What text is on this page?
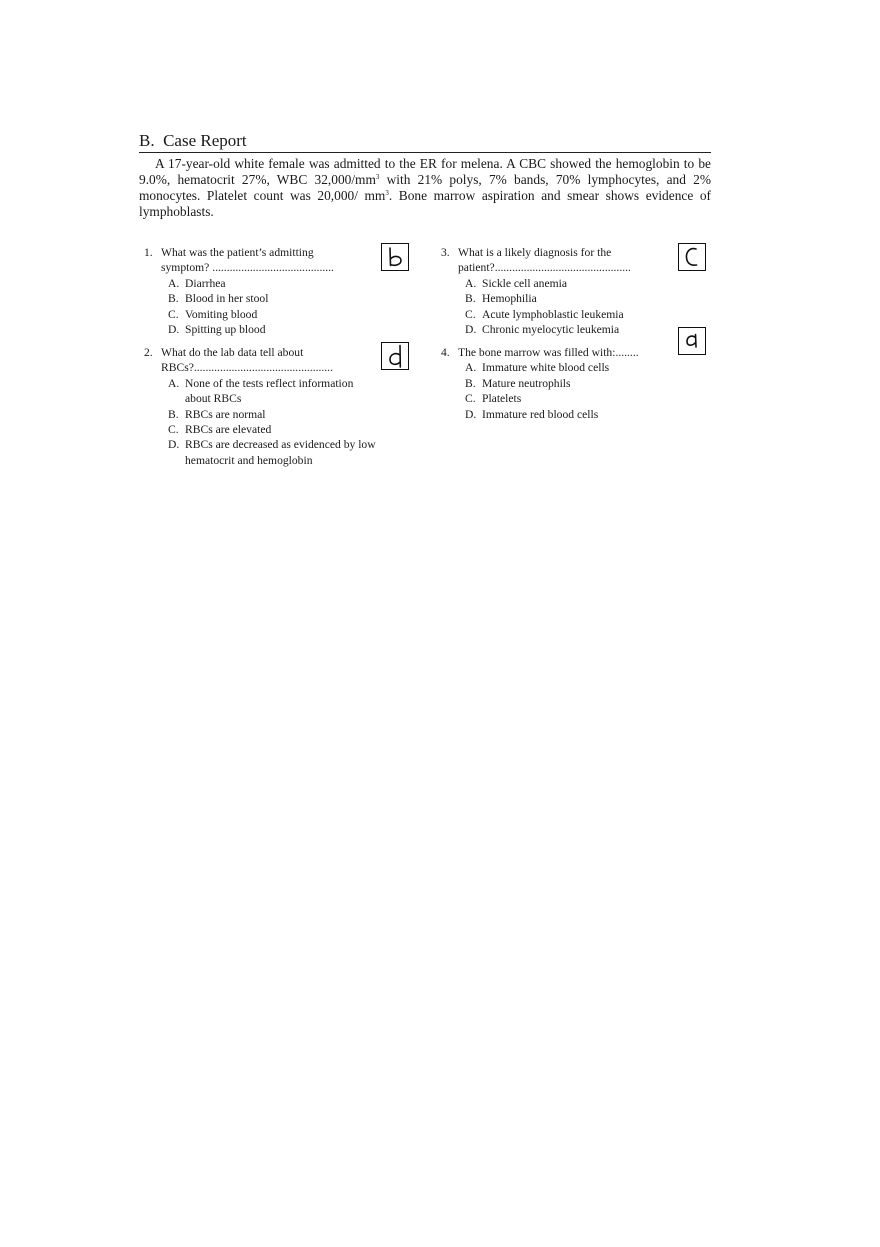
B. Case Report

A 17-year-old white female was admitted to the ER for melena. A CBC showed the hemoglobin to be 9.0%, hematocrit 27%, WBC $32,000/mm^3$ with 21% polys, 7% bands, 70% lymphocytes, and 2% monocytes. Platelet count was 20,000/ $mm^3$. Bone marrow aspiration and smear shows evidence of lymphoblasts.

1. What was the patient’s admitting
symptom? ..........................................
A. Diarrhea
B. Blood in her stool
C. Vomiting blood
D. Spitting up blood
2. What do the lab data tell about
RBCs?................................................
A. None of the tests reflect information about RBCs
B. RBCs are normal
C. RBCs are elevated
D. RBCs are decreased as evidenced by low hematocrit and hemoglobin
3. What is a likely diagnosis for the
patient?...............................................
A. Sickle cell anemia
B. Hemophilia
C. Acute lymphoblastic leukemia
D. Chronic myelocytic leukemia
4. The bone marrow was filled with:........
A. Immature white blood cells
B. Mature neutrophils
C. Platelets
D. Immature red blood cells
